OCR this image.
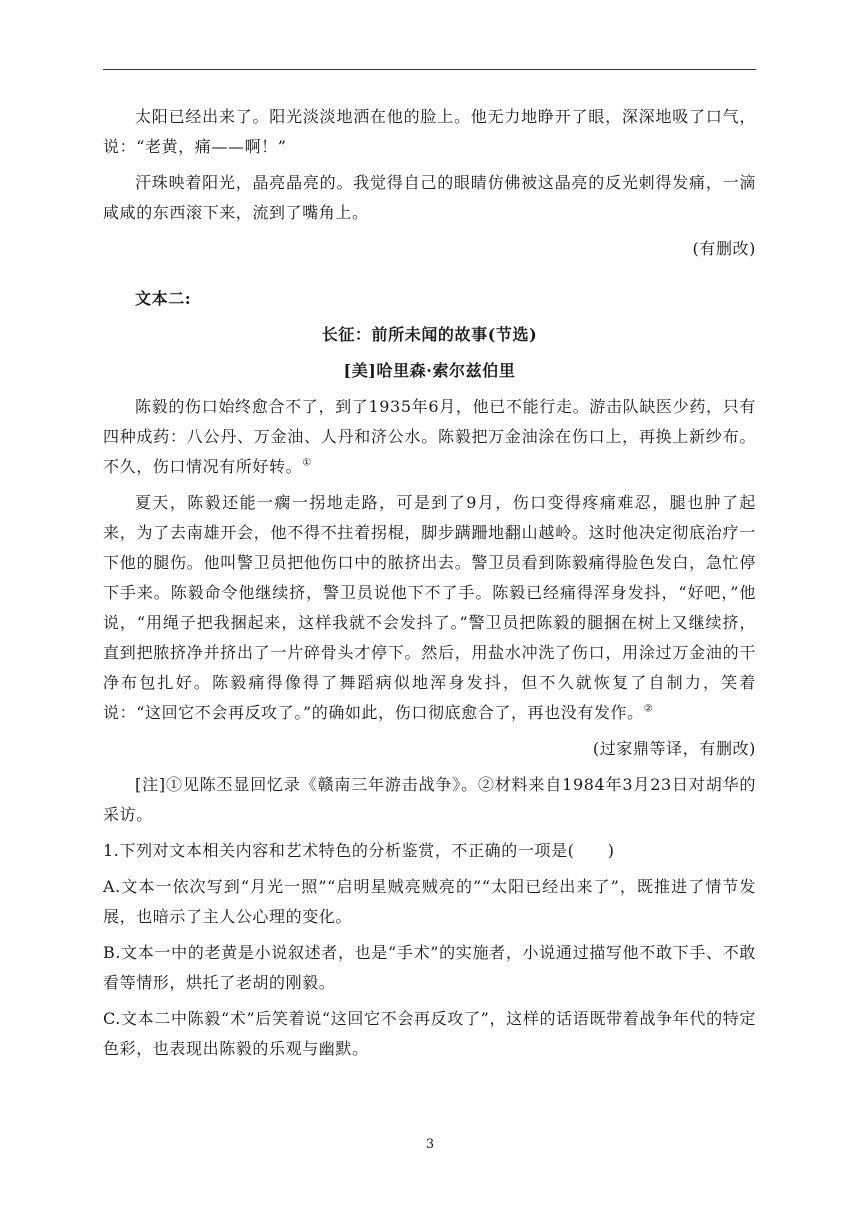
太阳已经出来了。阳光淡淡地洒在他的脸上。他无力地睁开了眼，深深地吸了口气，说：“老黄，痛——啊！”

汗珠映着阳光，晶亮晶亮的。我觉得自己的眼睛仿佛被这晶亮的反光刺得发痛，一滴咸咸的东西滚下来，流到了嘴角上。

(有删改)

文本二:

长征：前所未闻的故事(节选)

[美]哈里森·索尔兹伯里

陈毅的伤口始终愈合不了，到了1935年6月，他已不能行走。游击队缺医少药，只有四种成药：八公丹、万金油、人丹和济公水。陈毅把万金油涂在伤口上，再换上新纱布。不久，伤口情况有所好转。①

夏天，陈毅还能一瘸一拐地走路，可是到了9月，伤口变得疼痛难忍，腿也肿了起来，为了去南雄开会，他不得不拄着拐棍，脚步蹒跚地翻山越岭。这时他决定彻底治疗一下他的腿伤。他叫警卫员把他伤口中的脓挤出去。警卫员看到陈毅痛得脸色发白，急忙停下手来。陈毅命令他继续挤，警卫员说他下不了手。陈毅已经痛得浑身发抖，“好吧，”他说，“用绳子把我捆起来，这样我就不会发抖了。”警卫员把陈毅的腿捆在树上又继续挤，直到把脓挤净并挤出了一片碎骨头才停下。然后，用盐水冲洗了伤口，用涂过万金油的干净布包扎好。陈毅痛得像得了舞蹈病似地浑身发抖，但不久就恢复了自制力，笑着说：“这回它不会再反攻了。”的确如此，伤口彻底愈合了，再也没有发作。②

(过家鼎等译，有删改)

[注]①见陈丕显回忆录《赣南三年游击战争》。②材料来自1984年3月23日对胡华的采访。

1.下列对文本相关内容和艺术特色的分析鉴赏，不正确的一项是(　　)

A.文本一依次写到“月光一照”“启明星贼亮贼亮的”“太阳已经出来了”，既推进了情节发展，也暗示了主人公心理的变化。

B.文本一中的老黄是小说叙述者，也是“手术”的实施者，小说通过描写他不敢下手、不敢看等情形，烘托了老胡的刚毅。

C.文本二中陈毅“术”后笑着说“这回它不会再反攻了”，这样的话语既带着战争年代的特定色彩，也表现出陈毅的乐观与幽默。

3
